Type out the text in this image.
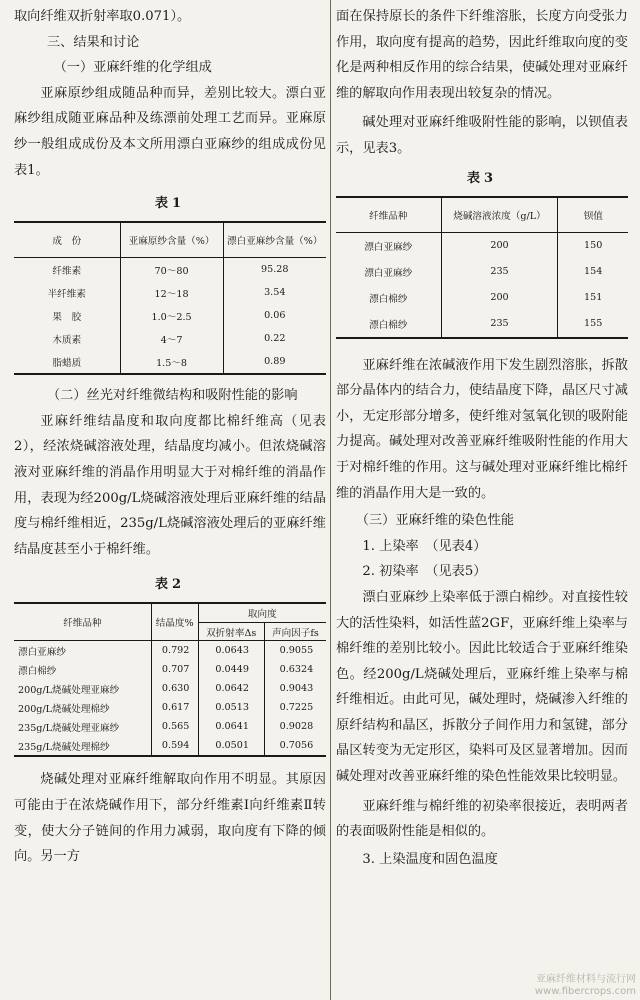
取向纤维双折射率取0.071）。
三、结果和讨论
（一）亚麻纤维的化学组成

亚麻原纱组成随品种而异，差别比较大。漂白亚麻纱组成随亚麻品种及练漂前处理工艺而异。亚麻原纱一般组成成份及本文所用漂白亚麻纱的组成成份见表1。

表1
成　份	亚麻原纱含量（%）	漂白亚麻纱含量（%）
纤维素	70～80	95.28
半纤维素	12～18	3.54
果　胶	1.0～2.5	0.06
木质素	4～7	0.22
脂蜡质	1.5～8	0.89
（二）丝光对纤维微结构和吸附性能的影响

亚麻纤维结晶度和取向度都比棉纤维高（见表2），经浓烧碱溶液处理，结晶度均减小。但浓烧碱溶液对亚麻纤维的消晶作用明显大于对棉纤维的消晶作用，表现为经200g/L烧碱溶液处理后亚麻纤维的结晶度与棉纤维相近，235g/L烧碱溶液处理后的亚麻纤维结晶度甚至小于棉纤维。

表2
纤维品种	结晶度%	取向度	
		双折射率Δs	声向因子fs
漂白亚麻纱	0.792	0.0643	0.9055
漂白棉纱	0.707	0.0449	0.6324
200g/L烧碱处理亚麻纱	0.630	0.0642	0.9043
200g/L烧碱处理棉纱	0.617	0.0513	0.7225
235g/L烧碱处理亚麻纱	0.565	0.0641	0.9028
235g/L烧碱处理棉纱	0.594	0.0501	0.7056

烧碱处理对亚麻纤维解取向作用不明显。其原因可能由于在浓烧碱作用下，部分纤维素Ⅰ向纤维素Ⅱ转变，使大分子链间的作用力减弱，取向度有下降的倾向。另一方

面在保持原长的条件下纤维溶胀，长度方向受张力作用，取向度有提高的趋势，因此纤维取向度的变化是两种相反作用的综合结果，使碱处理对亚麻纤维的解取向作用表现出较复杂的情况。

碱处理对亚麻纤维吸附性能的影响，以钡值表示，见表3。

表3
纤维品种	烧碱溶液浓度（g/L）	钡值
漂白亚麻纱	200	150
漂白亚麻纱	235	154
漂白棉纱	200	151
漂白棉纱	235	155

亚麻纤维在浓碱液作用下发生剧烈溶胀，拆散部分晶体内的结合力，使结晶度下降，晶区尺寸减小，无定形部分增多，使纤维对氢氧化钡的吸附能力提高。碱处理对改善亚麻纤维吸附性能的作用大于对棉纤维的作用。这与碱处理对亚麻纤维比棉纤维的消晶作用大是一致的。

（三）亚麻纤维的染色性能
1. 上染率　（见表4）
2. 初染率　（见表5）

漂白亚麻纱上染率低于漂白棉纱。对直接性较大的活性染料，如活性蓝2GF，亚麻纤维上染率与棉纤维的差别比较小。因此比较适合于亚麻纤维染色。经200g/L烧碱处理后，亚麻纤维上染率与棉纤维相近。由此可见，碱处理时，烧碱渗入纤维的原纤结构和晶区，拆散分子间作用力和氢键，部分晶区转变为无定形区，染料可及区显著增加。因而碱处理对改善亚麻纤维的染色性能效果比较明显。

亚麻纤维与棉纤维的初染率很接近，表明两者的表面吸附性能是相似的。

3. 上染温度和固色温度
亚麻纤维材料与流行网
www.fibercrops.com
